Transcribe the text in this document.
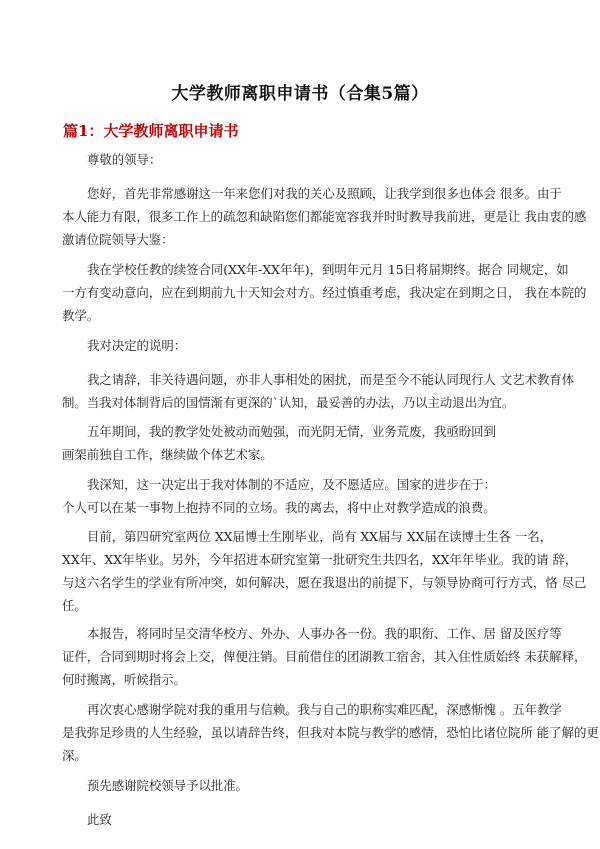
大学教师离职申请书（合集5篇）
篇1：大学教师离职申请书
尊敬的领导：
您好，首先非常感谢这一年来您们对我的关心及照顾，让我学到很多也体会 很多。由于
本人能力有限，很多工作上的疏忽和缺陷您们都能宽容我并时时教导我前进，更是让 我由衷的感
激请位院领导大鉴：
我在学校任教的续签合同(XX年-XX年年)，到明年元月 15日将届期终。据合 同规定，如
一方有变动意向，应在到期前九十天知会对方。经过慎重考虑，我决定在到期之日， 我在本院的
教学。
我对决定的说明：
我之请辞，非关待遇问题，亦非人事相处的困扰，而是至今不能认同现行人 文艺术教育体
制。当我对体制背后的国情渐有更深的`认知，最妥善的办法，乃以主动退出为宜。
五年期间，我的教学处处被动而勉强，而光阴无情，业务荒废，我亟盼回到
画架前独自工作，继续做个体艺术家。
我深知，这一决定出于我对体制的不适应，及不愿适应。国家的进步在于：
个人可以在某一事物上抱持不同的立场。我的离去，将中止对教学造成的浪费。
目前，第四研究室两位 XX届博士生刚毕业，尚有 XX届与 XX届在读博士生各 一名，
XX年、XX年毕业。另外，今年招进本研究室第一批研究生共四名，XX年年毕业。我的请 辞，
与这六名学生的学业有所冲突，如何解决，愿在我退出的前提下，与领导协商可行方式，恪 尽己
任。
本报告，将同时呈交清华校方、外办、人事办各一份。我的职衔、工作、居 留及医疗等
证件，合同到期时将会上交，俾便注销。目前借住的团湖教工宿舍，其入住性质始终 未获解释，
何时搬离，听候指示。
再次衷心感谢学院对我的重用与信赖。我与自己的职称实难匹配，深感惭愧 。五年教学
是我弥足珍贵的人生经验，虽以请辞告终，但我对本院与教学的感情，恐怕比诸位院所 能了解的更
深。
预先感谢院校领导予以批准。
此致
